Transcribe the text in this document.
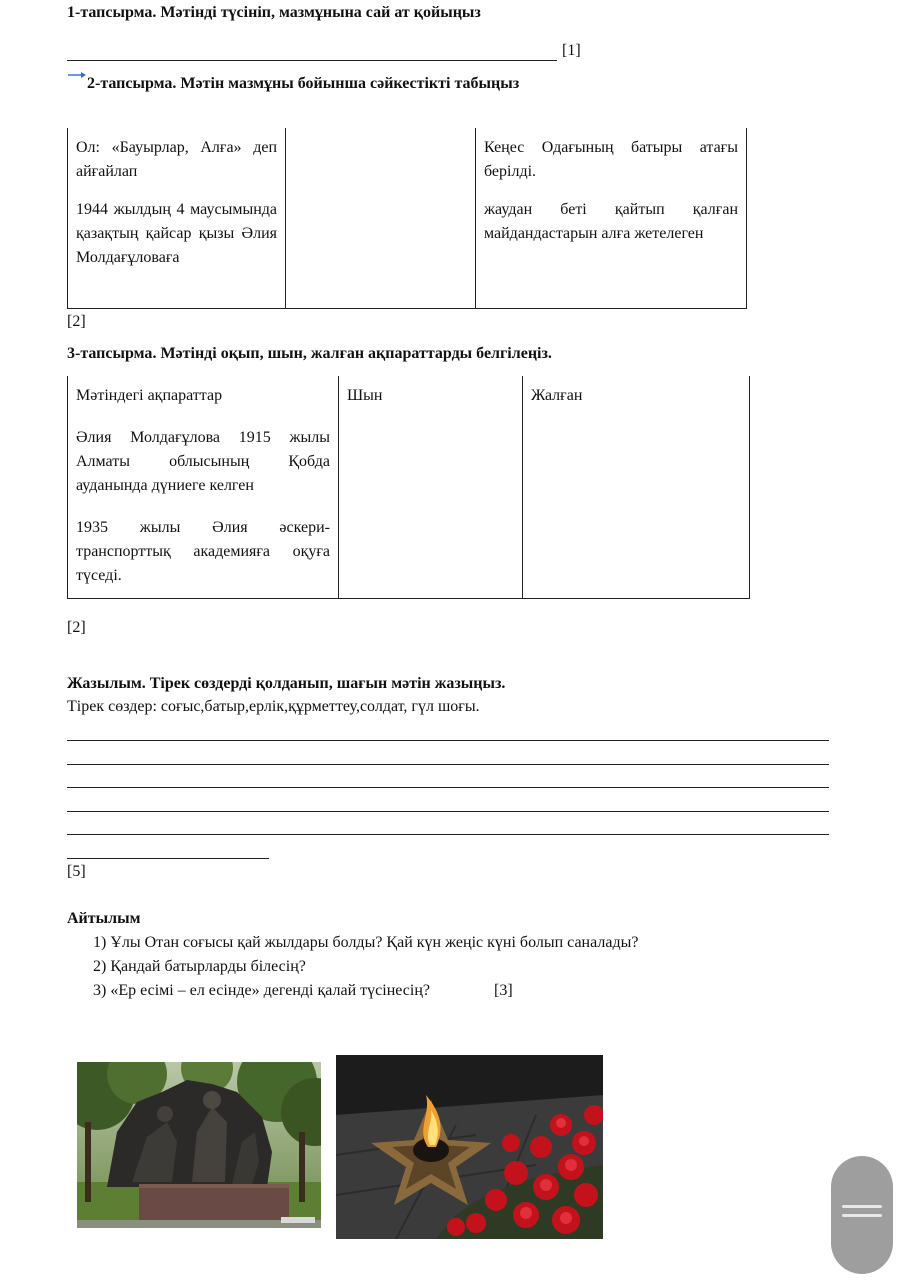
1-тапсырма. Мәтінді түсініп, мазмұнына сай ат қойыңыз
[1]
2-тапсырма. Мәтін мазмұны бойынша сәйкестікті табыңыз
Ол: «Бауырлар, Алға» деп айғайлап		Кеңес Одағының батыры атағы берілді.
1944 жылдың 4 маусымында қазақтың қайсар қызы Әлия Молдағұловаға		жаудан беті қайтып қалған майдандастарын алға жетелеген
[2]
3-тапсырма. Мәтінді оқып, шын, жалған ақпараттарды белгілеңіз.
Мәтіндегі ақпараттар	Шын	Жалған
Әлия Молдағұлова 1915 жылы Алматы облысының Қобда ауданында дүниеге келген		
1935 жылы Әлия әскери-транспорттық академияға оқуға түседі.		
[2]
Жазылым. Тірек сөздерді қолданып, шағын мәтін жазыңыз.
Тірек сөздер: соғыс,батыр,ерлік,құрметтеу,солдат, гүл шоғы.
[5]
Айтылым
1) Ұлы Отан соғысы қай жылдары болды? Қай күн жеңіс күні болып саналады?
2) Қандай батырларды білесің?
3) «Ер есімі – ел есінде» дегенді қалай түсінесің?	[3]
